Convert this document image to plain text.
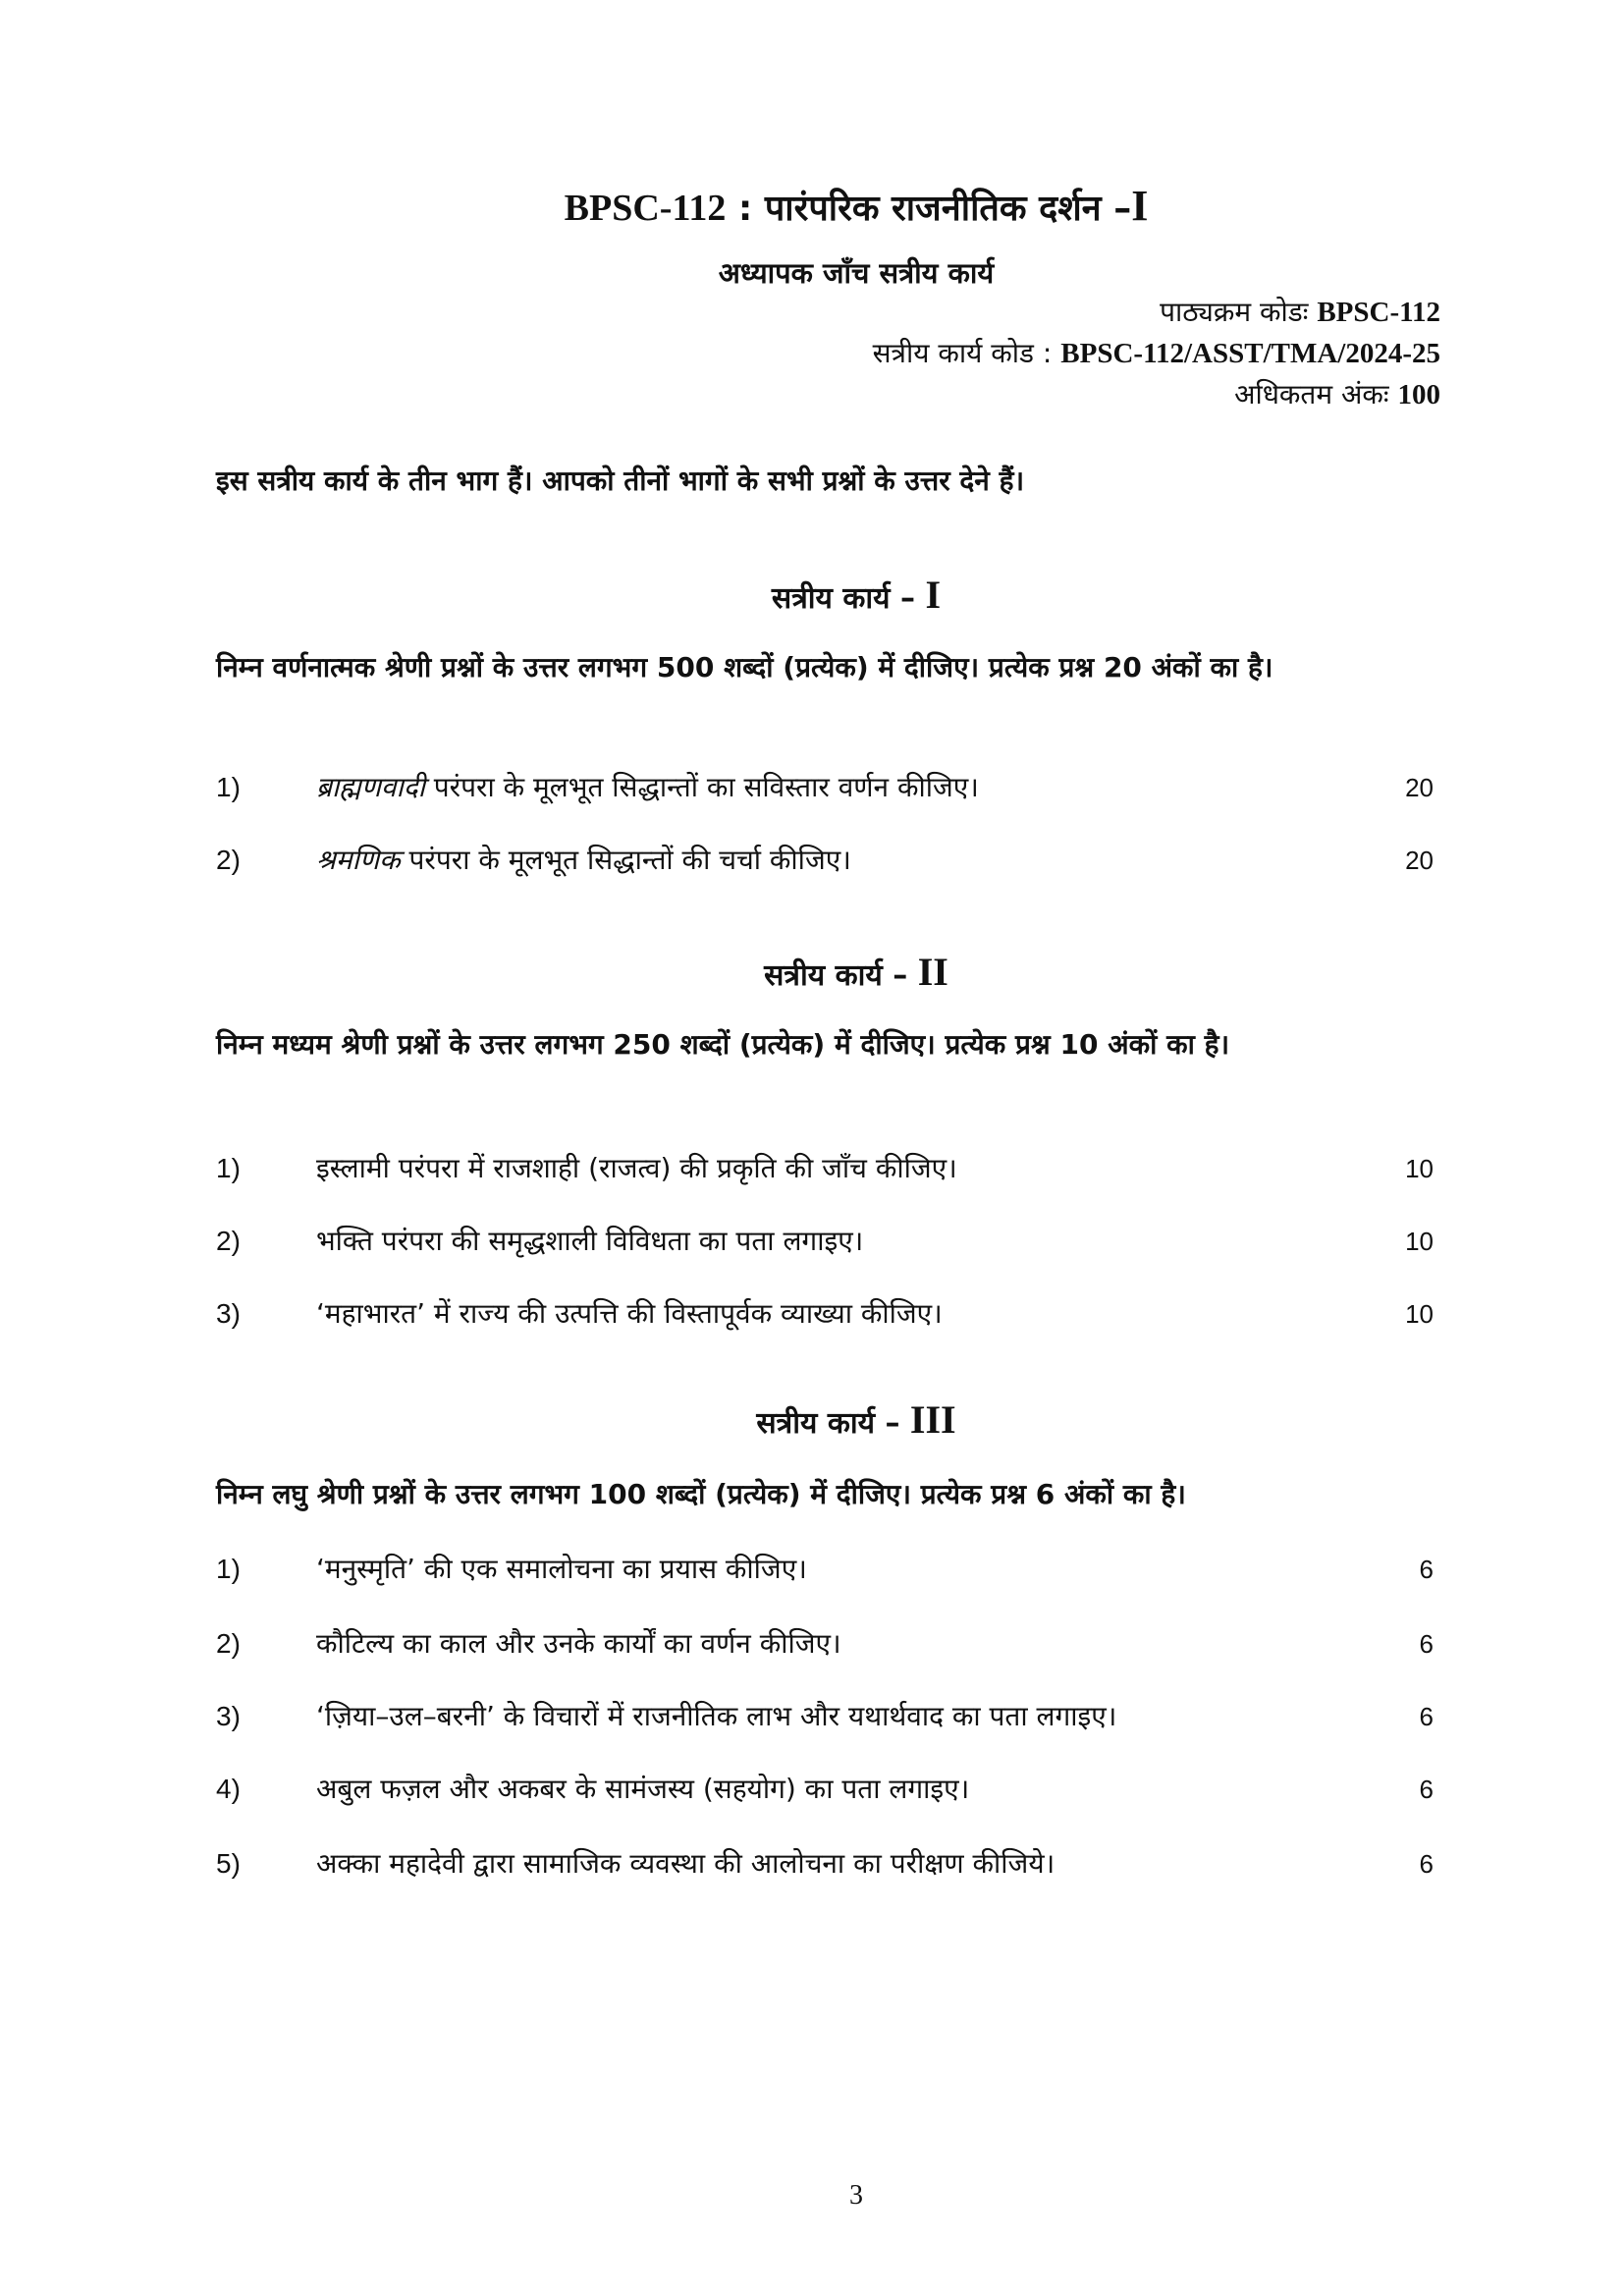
BPSC-112 : पारंपरिक राजनीतिक दर्शन –I
अध्यापक जाँच सत्रीय कार्य
पाठ्यक्रम कोडः BPSC-112
सत्रीय कार्य कोड : BPSC-112/ASST/TMA/2024-25
अधिकतम अंकः 100
इस सत्रीय कार्य के तीन भाग हैं। आपको तीनों भागों के सभी प्रश्नों के उत्तर देने हैं।
सत्रीय कार्य – I
निम्न वर्णनात्मक श्रेणी प्रश्नों के उत्तर लगभग 500 शब्दों (प्रत्येक) में दीजिए। प्रत्येक प्रश्न 20 अंकों का है।
1)	ब्राह्मणवादी परंपरा के मूलभूत सिद्धान्तों का सविस्तार वर्णन कीजिए।	20
2)	श्रमणिक परंपरा के मूलभूत सिद्धान्तों की चर्चा कीजिए।	20
सत्रीय कार्य – II
निम्न मध्यम श्रेणी प्रश्नों के उत्तर लगभग 250 शब्दों (प्रत्येक) में दीजिए। प्रत्येक प्रश्न 10 अंकों का है।
1)	इस्लामी परंपरा में राजशाही (राजत्व) की प्रकृति की जाँच कीजिए।	10
2)	भक्ति परंपरा की समृद्धशाली विविधता का पता लगाइए।	10
3)	‘महाभारत’ में राज्य की उत्पत्ति की विस्तापूर्वक व्याख्या कीजिए।	10
सत्रीय कार्य – III
निम्न लघु श्रेणी प्रश्नों के उत्तर लगभग 100 शब्दों (प्रत्येक) में दीजिए। प्रत्येक प्रश्न 6 अंकों का है।
1)	‘मनुस्मृति’ की एक समालोचना का प्रयास कीजिए।	6
2)	कौटिल्य का काल और उनके कार्यों का वर्णन कीजिए।	6
3)	‘ज़िया–उल–बरनी’ के विचारों में राजनीतिक लाभ और यथार्थवाद का पता लगाइए।	6
4)	अबुल फज़ल और अकबर के सामंजस्य (सहयोग) का पता लगाइए।	6
5)	अक्का महादेवी द्वारा सामाजिक व्यवस्था की आलोचना का परीक्षण कीजिये।	6
3
